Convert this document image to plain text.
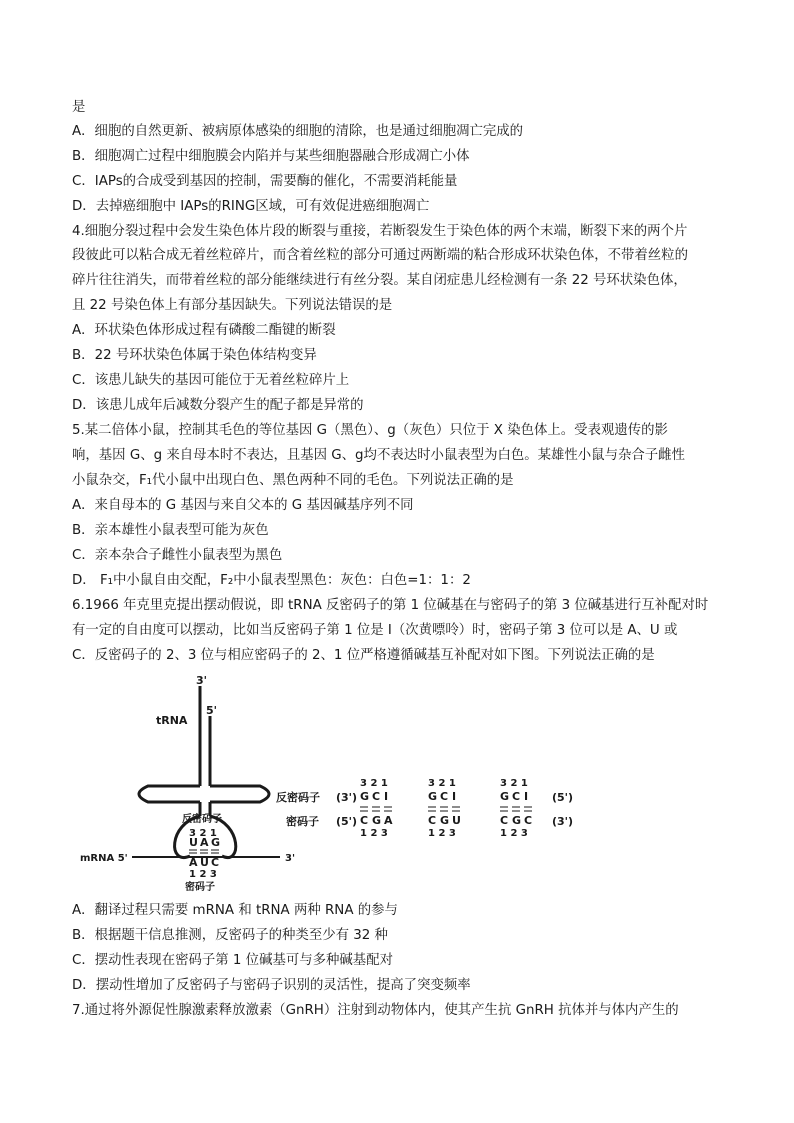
是
A．细胞的自然更新、被病原体感染的细胞的清除，也是通过细胞凋亡完成的
B．细胞凋亡过程中细胞膜会内陷并与某些细胞器融合形成凋亡小体
C．IAPs的合成受到基因的控制，需要酶的催化，不需要消耗能量
D．去掉癌细胞中 IAPs的RING区域，可有效促进癌细胞凋亡
4.细胞分裂过程中会发生染色体片段的断裂与重接，若断裂发生于染色体的两个末端，断裂下来的两个片
段彼此可以粘合成无着丝粒碎片，而含着丝粒的部分可通过两断端的粘合形成环状染色体，不带着丝粒的
碎片往往消失，而带着丝粒的部分能继续进行有丝分裂。某自闭症患儿经检测有一条 22 号环状染色体，
且 22 号染色体上有部分基因缺失。下列说法错误的是
A．环状染色体形成过程有磷酸二酯键的断裂
B．22 号环状染色体属于染色体结构变异
C．该患儿缺失的基因可能位于无着丝粒碎片上
D．该患儿成年后减数分裂产生的配子都是异常的
5.某二倍体小鼠，控制其毛色的等位基因 G（黑色）、g（灰色）只位于 X 染色体上。受表观遗传的影
响，基因 G、g 来自母本时不表达，且基因 G、g均不表达时小鼠表型为白色。某雄性小鼠与杂合子雌性
小鼠杂交，F₁代小鼠中出现白色、黑色两种不同的毛色。下列说法正确的是
A．来自母本的 G 基因与来自父本的 G 基因碱基序列不同
B．亲本雄性小鼠表型可能为灰色
C．亲本杂合子雌性小鼠表型为黑色
D． F₁中小鼠自由交配，F₂中小鼠表型黑色：灰色：白色=1：1：2
6.1966 年克里克提出摆动假说，即 tRNA 反密码子的第 1 位碱基在与密码子的第 3 位碱基进行互补配对时
有一定的自由度可以摆动，比如当反密码子第 1 位是 I（次黄嘌呤）时，密码子第 3 位可以是 A、U 或
C．反密码子的 2、3 位与相应密码子的 2、1 位严格遵循碱基互补配对如下图。下列说法正确的是
3'
5'
tRNA
反密码子
3 2 1
U A G
A U C
1 2 3
密码子
mRNA 5'	3'
反密码子 (3')
密码子 (5')
(5')
(3')
3 2 1
G C I
C G A
1 2 3
3 2 1
G C I
C G U
1 2 3
3 2 1
G C I
C G C
1 2 3
A．翻译过程只需要 mRNA 和 tRNA 两种 RNA 的参与
B．根据题干信息推测，反密码子的种类至少有 32 种
C．摆动性表现在密码子第 1 位碱基可与多种碱基配对
D．摆动性增加了反密码子与密码子识别的灵活性，提高了突变频率
7.通过将外源促性腺激素释放激素（GnRH）注射到动物体内，使其产生抗 GnRH 抗体并与体内产生的
